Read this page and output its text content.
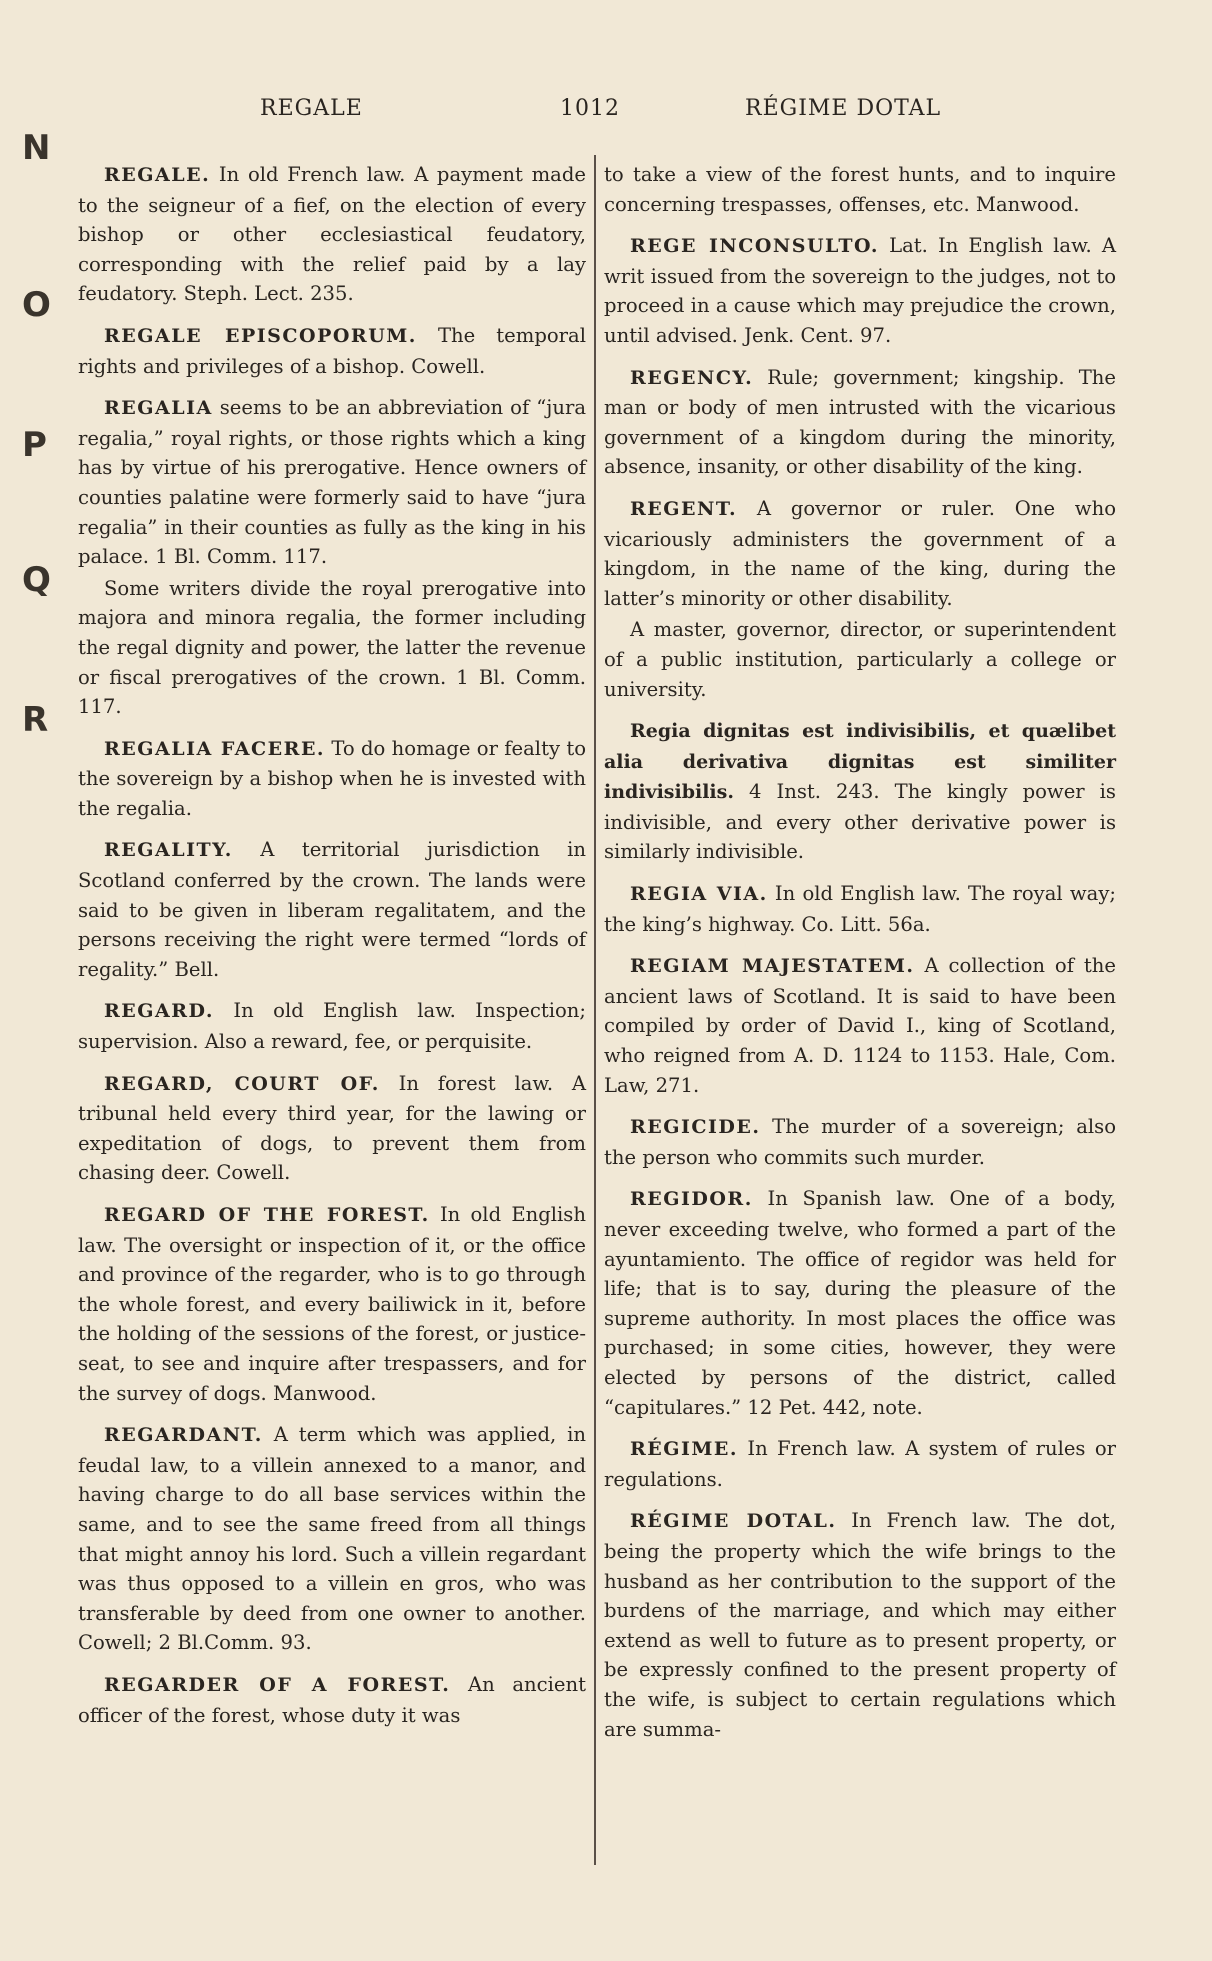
REGALE	1012	RÉGIME DOTAL
N
O
P
Q
R

REGALE. In old French law. A payment made to the seigneur of a fief, on the election of every bishop or other ecclesiastical feudatory, corresponding with the relief paid by a lay feudatory. Steph. Lect. 235.

REGALE EPISCOPORUM. The temporal rights and privileges of a bishop. Cowell.

REGALIA seems to be an abbreviation of “jura regalia,” royal rights, or those rights which a king has by virtue of his prerogative. Hence owners of counties palatine were formerly said to have “jura regalia” in their counties as fully as the king in his palace. 1 Bl. Comm. 117.

Some writers divide the royal prerogative into majora and minora regalia, the former including the regal dignity and power, the latter the revenue or fiscal prerogatives of the crown. 1 Bl. Comm. 117.

REGALIA FACERE. To do homage or fealty to the sovereign by a bishop when he is invested with the regalia.

REGALITY. A territorial jurisdiction in Scotland conferred by the crown. The lands were said to be given in liberam regalitatem, and the persons receiving the right were termed “lords of regality.” Bell.

REGARD. In old English law. Inspection; supervision. Also a reward, fee, or perquisite.

REGARD, COURT OF. In forest law. A tribunal held every third year, for the lawing or expeditation of dogs, to prevent them from chasing deer. Cowell.

REGARD OF THE FOREST. In old English law. The oversight or inspection of it, or the office and province of the regarder, who is to go through the whole forest, and every bailiwick in it, before the holding of the sessions of the forest, or justice-seat, to see and inquire after trespassers, and for the survey of dogs. Manwood.

REGARDANT. A term which was applied, in feudal law, to a villein annexed to a manor, and having charge to do all base services within the same, and to see the same freed from all things that might annoy his lord. Such a villein regardant was thus opposed to a villein en gros, who was transferable by deed from one owner to another. Cowell; 2 Bl.Comm. 93.

REGARDER OF A FOREST. An ancient officer of the forest, whose duty it was

to take a view of the forest hunts, and to inquire concerning trespasses, offenses, etc. Manwood.

REGE INCONSULTO. Lat. In English law. A writ issued from the sovereign to the judges, not to proceed in a cause which may prejudice the crown, until advised. Jenk. Cent. 97.

REGENCY. Rule; government; kingship. The man or body of men intrusted with the vicarious government of a kingdom during the minority, absence, insanity, or other disability of the king.

REGENT. A governor or ruler. One who vicariously administers the government of a kingdom, in the name of the king, during the latter’s minority or other disability.

A master, governor, director, or superintendent of a public institution, particularly a college or university.

Regia dignitas est indivisibilis, et quælibet alia derivativa dignitas est similiter indivisibilis. 4 Inst. 243. The kingly power is indivisible, and every other derivative power is similarly indivisible.

REGIA VIA. In old English law. The royal way; the king’s highway. Co. Litt. 56a.

REGIAM MAJESTATEM. A collection of the ancient laws of Scotland. It is said to have been compiled by order of David I., king of Scotland, who reigned from A. D. 1124 to 1153. Hale, Com. Law, 271.

REGICIDE. The murder of a sovereign; also the person who commits such murder.

REGIDOR. In Spanish law. One of a body, never exceeding twelve, who formed a part of the ayuntamiento. The office of regidor was held for life; that is to say, during the pleasure of the supreme authority. In most places the office was purchased; in some cities, however, they were elected by persons of the district, called “capitulares.” 12 Pet. 442, note.

RÉGIME. In French law. A system of rules or regulations.

RÉGIME DOTAL. In French law. The dot, being the property which the wife brings to the husband as her contribution to the support of the burdens of the marriage, and which may either extend as well to future as to present property, or be expressly confined to the present property of the wife, is subject to certain regulations which are summa-
